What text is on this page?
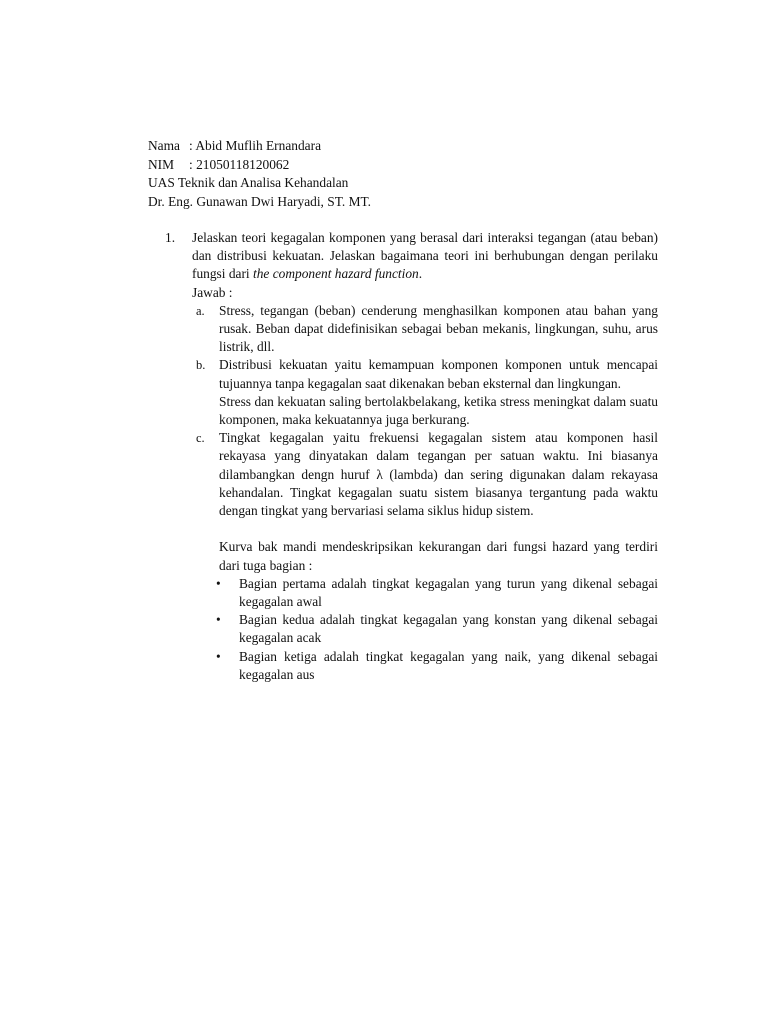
Nama : Abid Muflih Ernandara
NIM : 21050118120062
UAS Teknik dan Analisa Kehandalan
Dr. Eng. Gunawan Dwi Haryadi, ST. MT.
1. Jelaskan teori kegagalan komponen yang berasal dari interaksi tegangan (atau beban) dan distribusi kekuatan. Jelaskan bagaimana teori ini berhubungan dengan perilaku fungsi dari the component hazard function.
Jawab :
a. Stress, tegangan (beban) cenderung menghasilkan komponen atau bahan yang rusak. Beban dapat didefinisikan sebagai beban mekanis, lingkungan, suhu, arus listrik, dll.
b. Distribusi kekuatan yaitu kemampuan komponen komponen untuk mencapai tujuannya tanpa kegagalan saat dikenakan beban eksternal dan lingkungan.
Stress dan kekuatan saling bertolakbelakang, ketika stress meningkat dalam suatu komponen, maka kekuatannya juga berkurang.
c. Tingkat kegagalan yaitu frekuensi kegagalan sistem atau komponen hasil rekayasa yang dinyatakan dalam tegangan per satuan waktu. Ini biasanya dilambangkan dengn huruf λ (lambda) dan sering digunakan dalam rekayasa kehandalan. Tingkat kegagalan suatu sistem biasanya tergantung pada waktu dengan tingkat yang bervariasi selama siklus hidup sistem.
Kurva bak mandi mendeskripsikan kekurangan dari fungsi hazard yang terdiri dari tuga bagian :
• Bagian pertama adalah tingkat kegagalan yang turun yang dikenal sebagai kegagalan awal
• Bagian kedua adalah tingkat kegagalan yang konstan yang dikenal sebagai kegagalan acak
• Bagian ketiga adalah tingkat kegagalan yang naik, yang dikenal sebagai kegagalan aus
